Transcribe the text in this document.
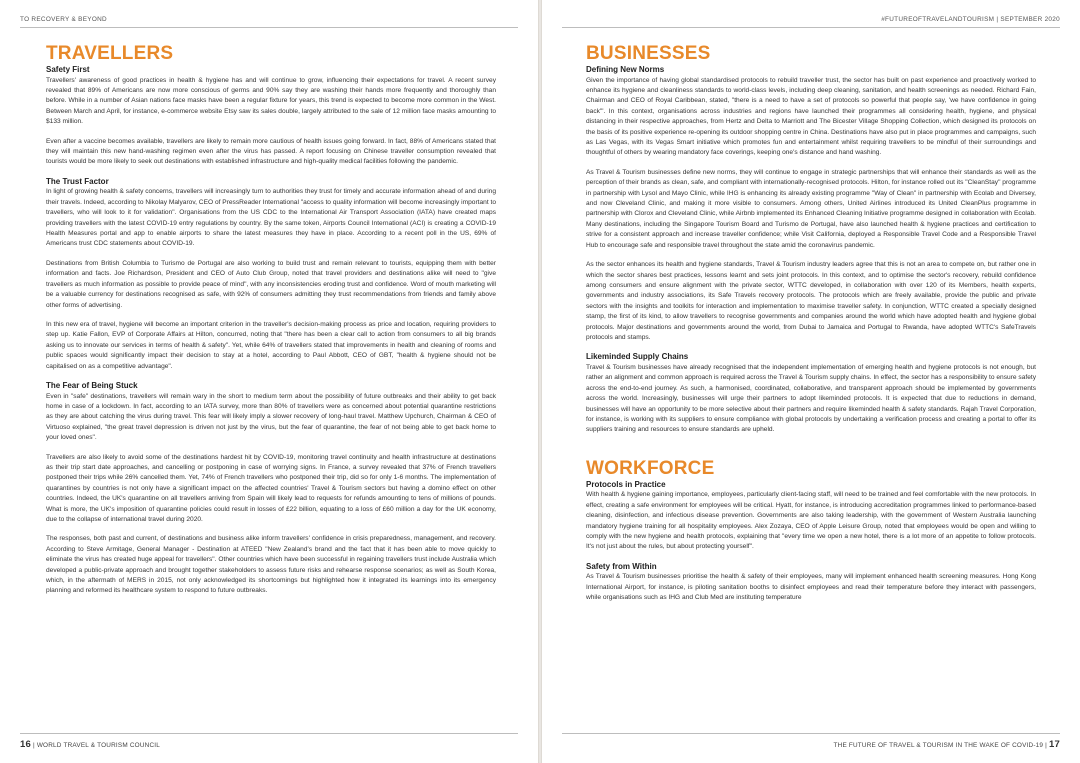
TO RECOVERY & BEYOND
TRAVELLERS
Safety First

Travellers' awareness of good practices in health & hygiene has and will continue to grow, influencing their expectations for travel. A recent survey revealed that 89% of Americans are now more conscious of germs and 90% say they are washing their hands more frequently and thoroughly than before. While in a number of Asian nations face masks have been a regular fixture for years, this trend is expected to become more common in the West. Between March and April, for instance, e-commerce website Etsy saw its sales double, largely attributed to the sale of 12 million face masks amounting to $133 million.

Even after a vaccine becomes available, travellers are likely to remain more cautious of health issues going forward. In fact, 88% of Americans stated that they will maintain this new hand-washing regimen even after the virus has passed. A report focusing on Chinese traveller consumption revealed that tourists would be more likely to seek out destinations with established infrastructure and high-quality medical facilities following the pandemic.

The Trust Factor

In light of growing health & safety concerns, travellers will increasingly turn to authorities they trust for timely and accurate information ahead of and during their travels. Indeed, according to Nikolay Malyarov, CEO of PressReader International "access to quality information will become increasingly important to travellers, who will look to it for validation". Organisations from the US CDC to the International Air Transport Association (IATA) have created maps providing travellers with the latest COVID-19 entry regulations by country. By the same token, Airports Council International (ACI) is creating a COVID-19 Health Measures portal and app to enable airports to share the latest measures they have in place. According to a recent poll in the US, 69% of Americans trust CDC statements about COVID-19.

Destinations from British Columbia to Turismo de Portugal are also working to build trust and remain relevant to tourists, equipping them with better information and facts. Joe Richardson, President and CEO of Auto Club Group, noted that travel providers and destinations alike will need to "give travellers as much information as possible to provide peace of mind", with any inconsistencies eroding trust and confidence. Word of mouth marketing will be a valuable currency for destinations recognised as safe, with 92% of consumers admitting they trust recommendations from friends and family above other forms of advertising.

In this new era of travel, hygiene will become an important criterion in the traveller's decision-making process as price and location, requiring providers to step up. Katie Fallon, EVP of Corporate Affairs at Hilton, concurred, noting that "there has been a clear call to action from consumers to all big brands asking us to innovate our services in terms of health & safety". Yet, while 64% of travellers stated that improvements in health and cleaning of rooms and public spaces would significantly impact their decision to stay at a hotel, according to Paul Abbott, CEO of GBT, "health & hygiene should not be capitalised on as a competitive advantage".

The Fear of Being Stuck

Even in "safe" destinations, travellers will remain wary in the short to medium term about the possibility of future outbreaks and their ability to get back home in case of a lockdown. In fact, according to an IATA survey, more than 80% of travellers were as concerned about potential quarantine restrictions as they are about catching the virus during travel. This fear will likely imply a slower recovery of long-haul travel. Matthew Upchurch, Chairman & CEO of Virtuoso explained, "the great travel depression is driven not just by the virus, but the fear of quarantine, the fear of not being able to get back home to your loved ones".

Travellers are also likely to avoid some of the destinations hardest hit by COVID-19, monitoring travel continuity and health infrastructure at destinations as their trip start date approaches, and cancelling or postponing in case of worrying signs. In France, a survey revealed that 37% of French travellers postponed their trips while 26% cancelled them. Yet, 74% of French travellers who postponed their trip, did so for only 1-6 months. The implementation of quarantines by countries is not only have a significant impact on the affected countries' Travel & Tourism sectors but having a domino effect on other countries. Indeed, the UK's quarantine on all travellers arriving from Spain will likely lead to requests for refunds amounting to tens of millions of pounds. What is more, the UK's imposition of quarantine policies could result in losses of £22 billion, equating to a loss of £60 million a day for the UK economy, due to the collapse of international travel during 2020.

The responses, both past and current, of destinations and business alike inform travellers' confidence in crisis preparedness, management, and recovery. According to Steve Armitage, General Manager - Destination at ATEED "New Zealand's brand and the fact that it has been able to move quickly to eliminate the virus has created huge appeal for travellers". Other countries which have been successful in regaining travellers trust include Australia which developed a public-private approach and brought together stakeholders to assess future risks and rehearse response scenarios; as well as South Korea, which, in the aftermath of MERS in 2015, not only acknowledged its shortcomings but highlighted how it integrated its learnings into its emergency planning and reformed its healthcare system to respond to future outbreaks.

16 | WORLD TRAVEL & TOURISM COUNCIL
#FUTUREOFTRAVELANDTOURISM | SEPTEMBER 2020
BUSINESSES
Defining New Norms

Given the importance of having global standardised protocols to rebuild traveller trust, the sector has built on past experience and proactively worked to enhance its hygiene and cleanliness standards to world-class levels, including deep cleaning, sanitation, and health screenings as needed. Richard Fain, Chairman and CEO of Royal Caribbean, stated, "there is a need to have a set of protocols so powerful that people say, 'we have confidence in going back'". In this context, organisations across industries and regions have launched their programmes all considering health, hygiene, and physical distancing in their respective approaches, from Hertz and Delta to Marriott and The Bicester Village Shopping Collection, which designed its protocols on the basis of its positive experience re-opening its outdoor shopping centre in China. Destinations have also put in place programmes and campaigns, such as Las Vegas, with its Vegas Smart initiative which promotes fun and entertainment whilst requiring travellers to be mindful of their surroundings and thoughtful of others by wearing mandatory face coverings, keeping one's distance and hand washing.

As Travel & Tourism businesses define new norms, they will continue to engage in strategic partnerships that will enhance their standards as well as the perception of their brands as clean, safe, and compliant with internationally-recognised protocols. Hilton, for instance rolled out its "CleanStay" programme in partnership with Lysol and Mayo Clinic, while IHG is enhancing its already existing programme "Way of Clean" in partnership with Ecolab and Diversey, and now Cleveland Clinic, and making it more visible to consumers. Among others, United Airlines introduced its United CleanPlus programme in partnership with Clorox and Cleveland Clinic, while Airbnb implemented its Enhanced Cleaning Initiative programme designed in collaboration with Ecolab. Many destinations, including the Singapore Tourism Board and Turismo de Portugal, have also launched health & hygiene practices and certification to strive for a consistent approach and increase traveller confidence; while Visit California, deployed a Responsible Travel Code and a Responsible Travel Hub to encourage safe and responsible travel throughout the state amid the coronavirus pandemic.

As the sector enhances its health and hygiene standards, Travel & Tourism industry leaders agree that this is not an area to compete on, but rather one in which the sector shares best practices, lessons learnt and sets joint protocols. In this context, and to optimise the sector's recovery, rebuild confidence among consumers and ensure alignment with the private sector, WTTC developed, in collaboration with over 120 of its Members, health experts, governments and industry associations, its Safe Travels recovery protocols. The protocols which are freely available, provide the public and private sectors with the insights and toolkits for interaction and implementation to maximise traveller safety. In conjunction, WTTC created a specially designed stamp, the first of its kind, to allow travellers to recognise governments and companies around the world which have adopted health and hygiene global protocols. Major destinations and governments around the world, from Dubai to Jamaica and Portugal to Rwanda, have adopted WTTC's SafeTravels protocols and stamps.

Likeminded Supply Chains

Travel & Tourism businesses have already recognised that the independent implementation of emerging health and hygiene protocols is not enough, but rather an alignment and common approach is required across the Travel & Tourism supply chains. In effect, the sector has a responsibility to ensure safety across the end-to-end journey. As such, a harmonised, coordinated, collaborative, and transparent approach should be implemented by governments across the world. Increasingly, businesses will urge their partners to adopt likeminded protocols. It is expected that due to reductions in demand, businesses will have an opportunity to be more selective about their partners and require likeminded health & safety standards. Rajah Travel Corporation, for instance, is working with its suppliers to ensure compliance with global protocols by undertaking a verification process and creating a portal to offer its suppliers training and resources to ensure standards are upheld.

WORKFORCE
Protocols in Practice

With health & hygiene gaining importance, employees, particularly client-facing staff, will need to be trained and feel comfortable with the new protocols. In effect, creating a safe environment for employees will be critical. Hyatt, for instance, is introducing accreditation programmes linked to performance-based cleaning, disinfection, and infectious disease prevention. Governments are also taking leadership, with the government of Western Australia launching mandatory hygiene training for all hospitality employees. Alex Zozaya, CEO of Apple Leisure Group, noted that employees would be open and willing to comply with the new hygiene and health protocols, explaining that "every time we open a new hotel, there is a lot more of an appetite to follow protocols. It's not just about the rules, but about protecting yourself".

Safety from Within

As Travel & Tourism businesses prioritise the health & safety of their employees, many will implement enhanced health screening measures. Hong Kong International Airport, for instance, is piloting sanitation booths to disinfect employees and read their temperature before they interact with passengers, while organisations such as IHG and Club Med are instituting temperature

THE FUTURE OF TRAVEL & TOURISM IN THE WAKE OF COVID-19 | 17
